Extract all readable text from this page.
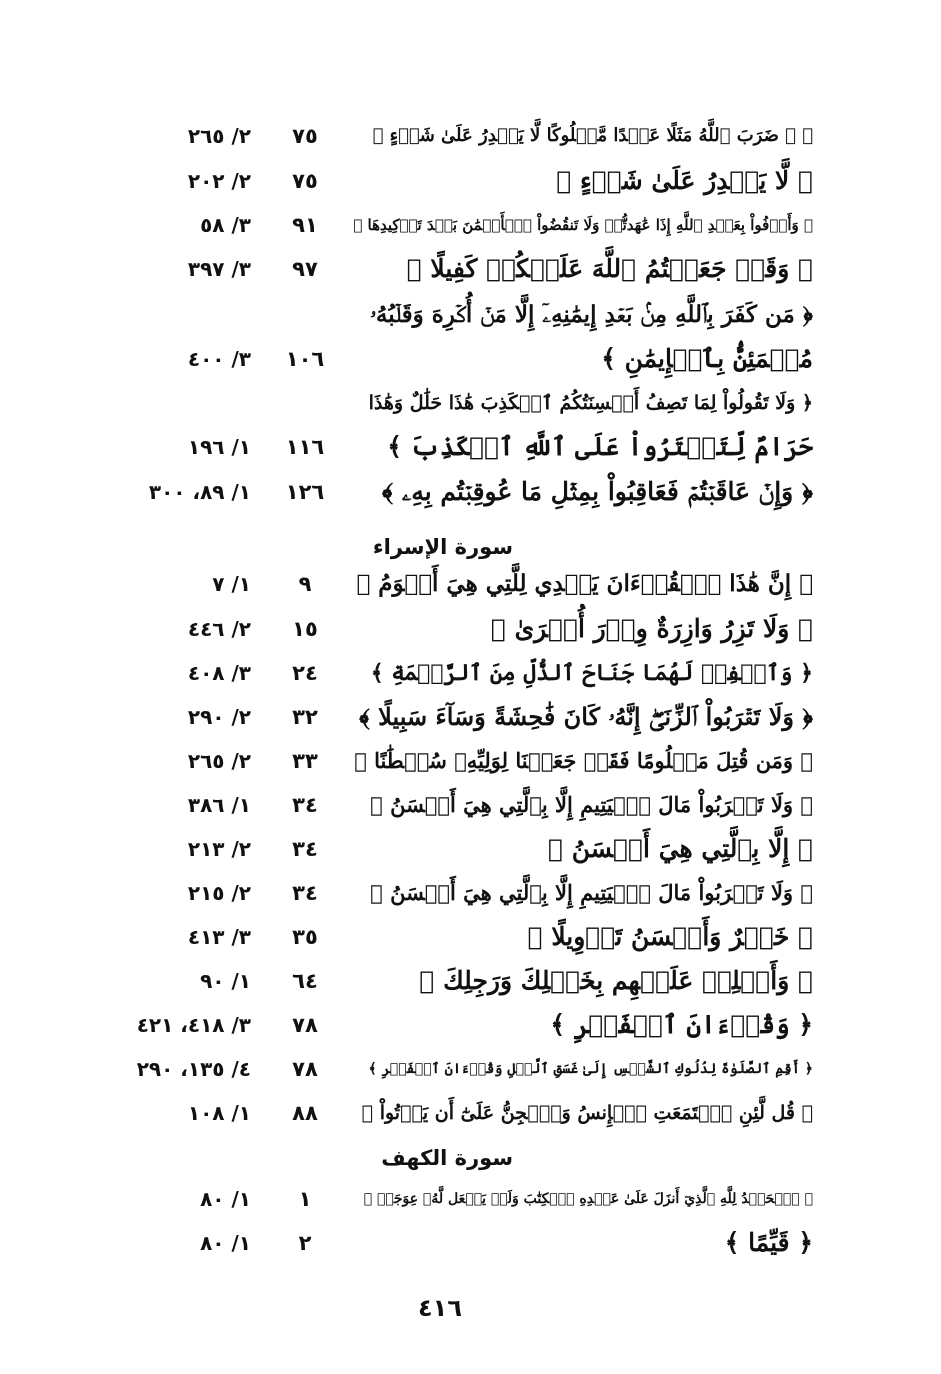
﴿ ۞ ضَرَبَ ٱللَّهُ مَثَلًا عَبۡدًا مَّمۡلُوكًا لَّا يَقۡدِرُ عَلَىٰ شَيۡءٍ ﴾
٧٥
٢/ ٢٦٥
﴿ لَّا يَقۡدِرُ عَلَىٰ شَيۡءٍ ﴾
٧٥
٢/ ٢٠٢
﴿ وَأَوۡفُواْ بِعَهۡدِ ٱللَّهِ إِذَا عَٰهَدتُّمۡ وَلَا تَنقُضُواْ ٱلۡأَيۡمَٰنَ بَعۡدَ تَوۡكِيدِهَا ﴾
٩١
٣/ ٥٨
﴿ وَقَدۡ جَعَلۡتُمُ ٱللَّهَ عَلَيۡكُمۡ كَفِيلًا ﴾
٩٧
٣/ ٣٩٧
﴿ مَن كَفَرَ بِٱللَّهِ مِنۢ بَعۡدِ إِيمَٰنِهِۦٓ إِلَّا مَنۡ أُكۡرِهَ وَقَلۡبُهُۥ
مُطۡمَئِنُّۢ بِٱلۡإِيمَٰنِ ﴾
١٠٦
٣/ ٤٠٠
﴿ وَلَا تَقُولُواْ لِمَا تَصِفُ أَلۡسِنَتُكُمُ ٱلۡكَذِبَ هَٰذَا حَلَٰلٌ وَهَٰذَا
حَرَامٌ لِّتَفۡتَرُواْ عَلَى ٱللَّهِ ٱلۡكَذِبَ ﴾
١١٦
١/ ١٩٦
﴿ وَإِنۡ عَاقَبۡتُمۡ فَعَاقِبُواْ بِمِثۡلِ مَا عُوقِبۡتُم بِهِۦ ﴾
١٢٦
١/ ٨٩، ٣٠٠
سورة الإسراء
﴿ إِنَّ هَٰذَا ٱلۡقُرۡءَانَ يَهۡدِي لِلَّتِي هِيَ أَقۡوَمُ ﴾
٩
١/ ٧
﴿ وَلَا تَزِرُ وَازِرَةٌ وِزۡرَ أُخۡرَىٰ ﴾
١٥
٢/ ٤٤٦
﴿ وَٱخۡفِضۡ لَهُمَا جَنَاحَ ٱلذُّلِّ مِنَ ٱلرَّحۡمَةِ ﴾
٢٤
٣/ ٤٠٨
﴿ وَلَا تَقۡرَبُواْ ٱلزِّنَىٰٓۖ إِنَّهُۥ كَانَ فَٰحِشَةً وَسَآءَ سَبِيلًا ﴾
٣٢
٢/ ٢٩٠
﴿ وَمَن قُتِلَ مَظۡلُومًا فَقَدۡ جَعَلۡنَا لِوَلِيِّهِۦ سُلۡطَٰنًا ﴾
٣٣
٢/ ٢٦٥
﴿ وَلَا تَقۡرَبُواْ مَالَ ٱلۡيَتِيمِ إِلَّا بِٱلَّتِي هِيَ أَحۡسَنُ ﴾
٣٤
١/ ٣٨٦
﴿ إِلَّا بِٱلَّتِي هِيَ أَحۡسَنُ ﴾
٣٤
٢/ ٢١٣
﴿ وَلَا تَقۡرَبُواْ مَالَ ٱلۡيَتِيمِ إِلَّا بِٱلَّتِي هِيَ أَحۡسَنُ ﴾
٣٤
٢/ ٢١٥
﴿ خَيۡرٌ وَأَحۡسَنُ تَأۡوِيلًا ﴾
٣٥
٣/ ٤١٣
﴿ وَأَجۡلِبۡ عَلَيۡهِم بِخَيۡلِكَ وَرَجِلِكَ ﴾
٦٤
١/ ٩٠
﴿ وَقُرۡءَانَ ٱلۡفَجۡرِ ﴾
٧٨
٣/ ٤١٨، ٤٢١
﴿ أَقِمِ ٱلصَّلَوٰةَ لِدُلُوكِ ٱلشَّمۡسِ إِلَىٰ غَسَقِ ٱلَّيۡلِ وَقُرۡءَانَ ٱلۡفَجۡرِ ﴾
٧٨
٤/ ١٣٥، ٢٩٠
﴿ قُل لَّئِنِ ٱجۡتَمَعَتِ ٱلۡإِنسُ وَٱلۡجِنُّ عَلَىٰٓ أَن يَأۡتُواْ ﴾
٨٨
١/ ١٠٨
سورة الكهف
﴿ ٱلۡحَمۡدُ لِلَّهِ ٱلَّذِيٓ أَنزَلَ عَلَىٰ عَبۡدِهِ ٱلۡكِتَٰبَ وَلَمۡ يَجۡعَل لَّهُۥ عِوَجَاۜ ﴾
١
١/ ٨٠
﴿ قَيِّمًا ﴾
٢
١/ ٨٠
٤١٦
